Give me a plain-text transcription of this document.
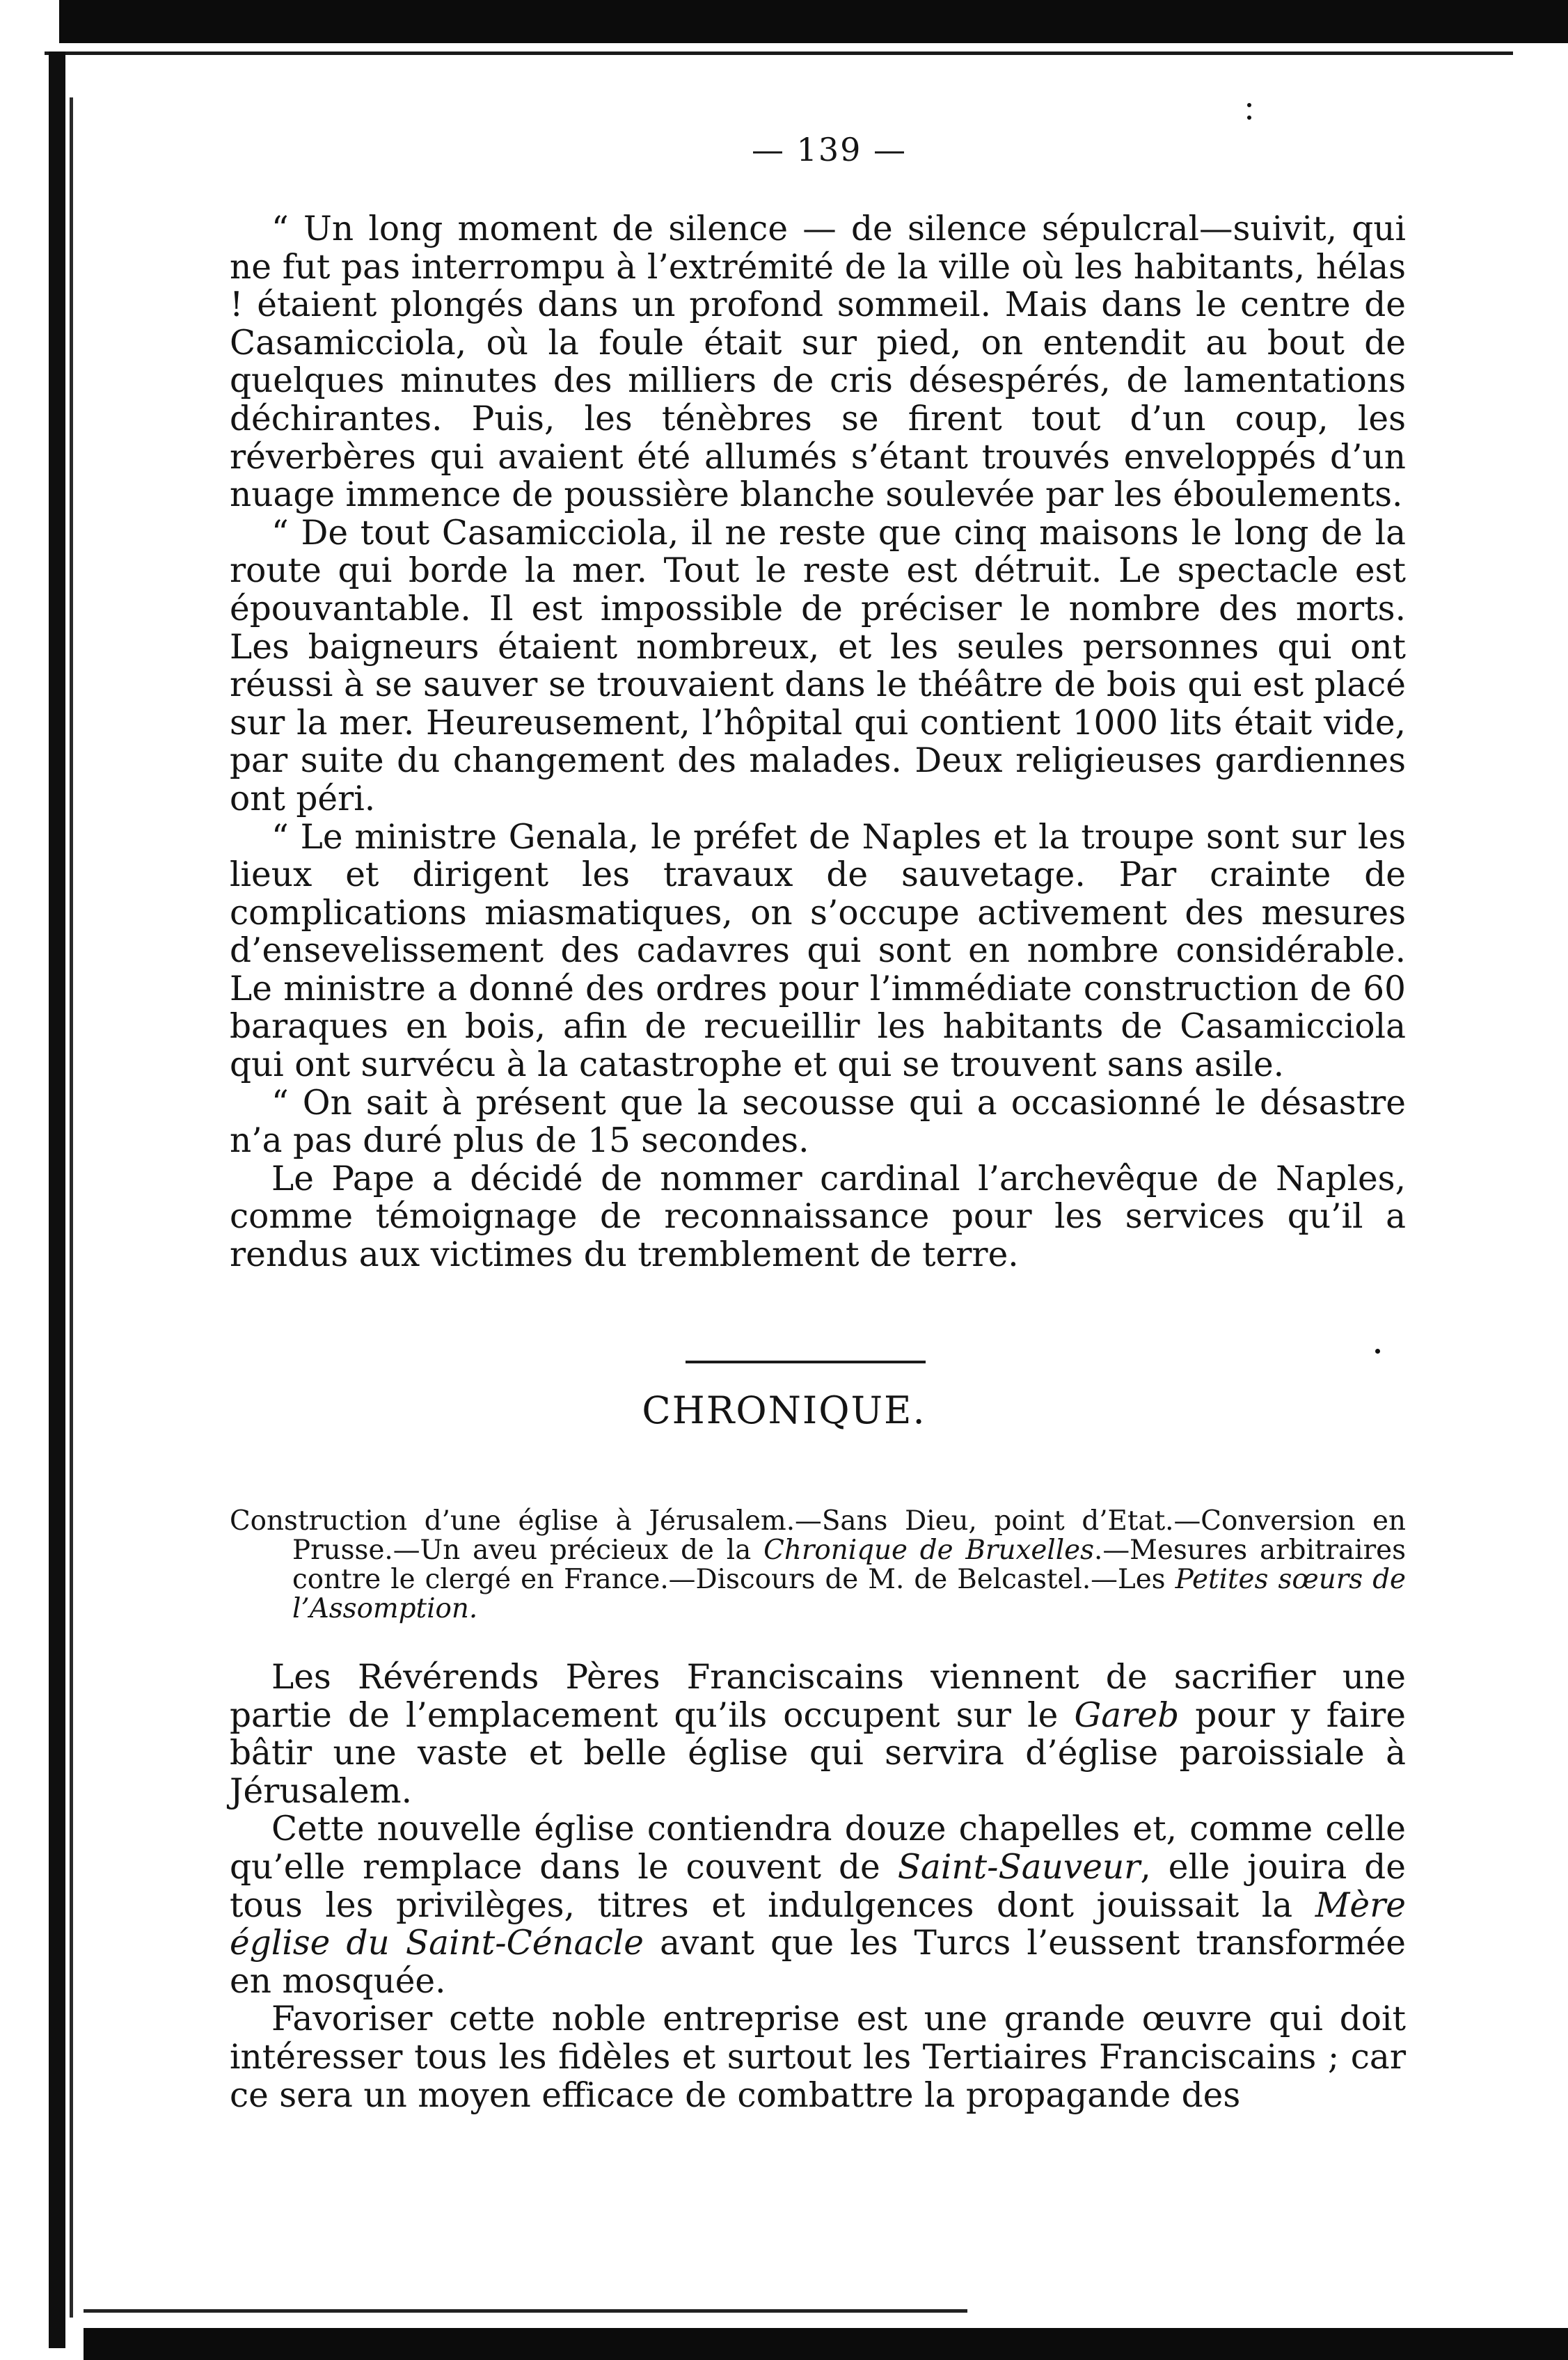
— 139 —

“ Un long moment de silence — de silence sépulcral—suivit, qui ne fut pas interrompu à l’extrémité de la ville où les habitants, hélas ! étaient plongés dans un profond sommeil. Mais dans le centre de Casamicciola, où la foule était sur pied, on entendit au bout de quelques minutes des milliers de cris désespérés, de lamentations déchirantes. Puis, les ténèbres se firent tout d’un coup, les réverbères qui avaient été allumés s’étant trouvés enveloppés d’un nuage immence de poussière blanche soulevée par les éboulements.

“ De tout Casamicciola, il ne reste que cinq maisons le long de la route qui borde la mer. Tout le reste est détruit. Le spectacle est épouvantable. Il est impossible de préciser le nombre des morts. Les baigneurs étaient nombreux, et les seules personnes qui ont réussi à se sauver se trouvaient dans le théâtre de bois qui est placé sur la mer. Heureusement, l’hôpital qui contient 1000 lits était vide, par suite du changement des malades. Deux religieuses gardiennes ont péri.

“ Le ministre Genala, le préfet de Naples et la troupe sont sur les lieux et dirigent les travaux de sauvetage. Par crainte de complications miasmatiques, on s’occupe activement des mesures d’ensevelissement des cadavres qui sont en nombre considérable. Le ministre a donné des ordres pour l’immédiate construction de 60 baraques en bois, afin de recueillir les habitants de Casamicciola qui ont survécu à la catastrophe et qui se trouvent sans asile.

“ On sait à présent que la secousse qui a occasionné le désastre n’a pas duré plus de 15 secondes.

Le Pape a décidé de nommer cardinal l’archevêque de Naples, comme témoignage de reconnaissance pour les services qu’il a rendus aux victimes du tremblement de terre.

CHRONIQUE.
Construction d’une église à Jérusalem.—Sans Dieu, point d’Etat.—Conversion en Prusse.—Un aveu précieux de la Chronique de Bruxelles.—Mesures arbitraires contre le clergé en France.—Discours de M. de Belcastel.—Les Petites sœurs de l’Assomption.

Les Révérends Pères Franciscains viennent de sacrifier une partie de l’emplacement qu’ils occupent sur le Gareb pour y faire bâtir une vaste et belle église qui servira d’église paroissiale à Jérusalem.

Cette nouvelle église contiendra douze chapelles et, comme celle qu’elle remplace dans le couvent de Saint-Sauveur, elle jouira de tous les privilèges, titres et indulgences dont jouissait la Mère église du Saint-Cénacle avant que les Turcs l’eussent transformée en mosquée.

Favoriser cette noble entreprise est une grande œuvre qui doit intéresser tous les fidèles et surtout les Tertiaires Franciscains ; car ce sera un moyen efficace de combattre la propagande des
